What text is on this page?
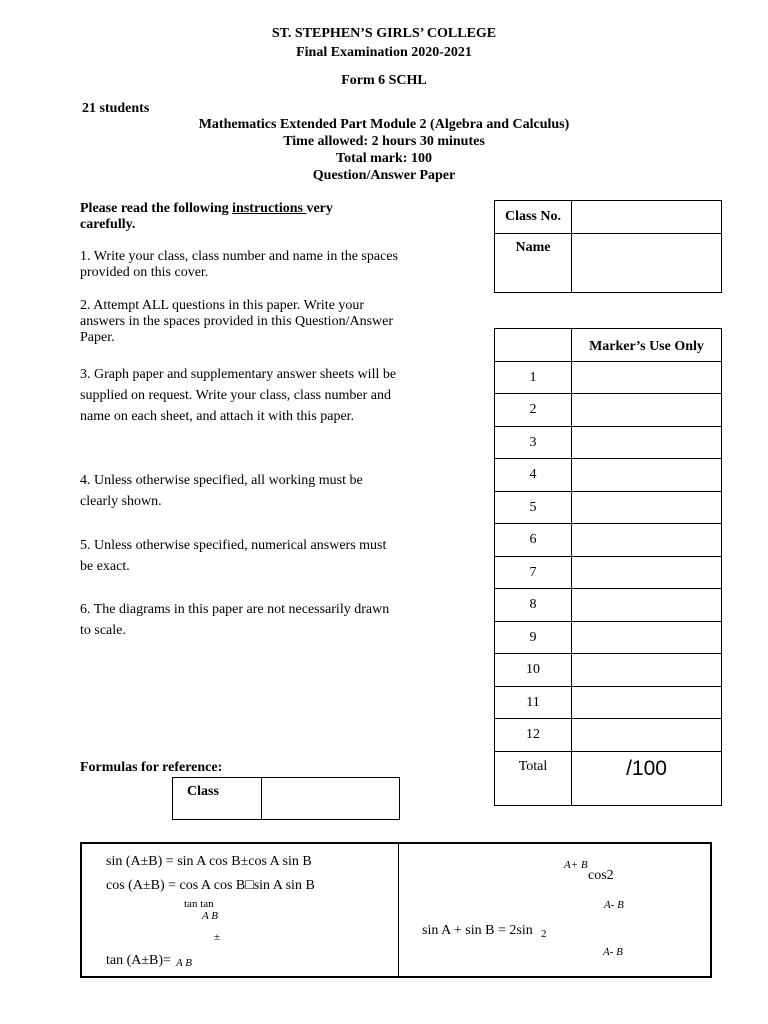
ST. STEPHEN’S GIRLS’ COLLEGE
Final Examination 2020-2021
Form 6 SCHL
21 students
Mathematics Extended Part Module 2 (Algebra and Calculus)
Time allowed: 2 hours 30 minutes
Total mark: 100
Question/Answer Paper
Please read the following instructions very carefully.
1. Write your class, class number and name in the spaces provided on this cover.
2. Attempt ALL questions in this paper. Write your answers in the spaces provided in this Question/Answer Paper.
3. Graph paper and supplementary answer sheets will be supplied on request. Write your class, class number and name on each sheet, and attach it with this paper.
4. Unless otherwise specified, all working must be clearly shown.
5. Unless otherwise specified, numerical answers must be exact.
6. The diagrams in this paper are not necessarily drawn to scale.
Class No.	
Name	
	Marker’s Use Only
1	
2	
3	
4	
5	
6	
7	
8	
9	
10	
11	
12	
Total	/100
Formulas for reference:
Class	
sin (A±B) = sin A cos B±cos A sin B
cos (A±B) = cos A cos B□sin A sin B
tan tan
A B
±
tan (A±B)= A B
A+ B
cos2
A- B
sin A + sin B = 2sin 2
A- B
